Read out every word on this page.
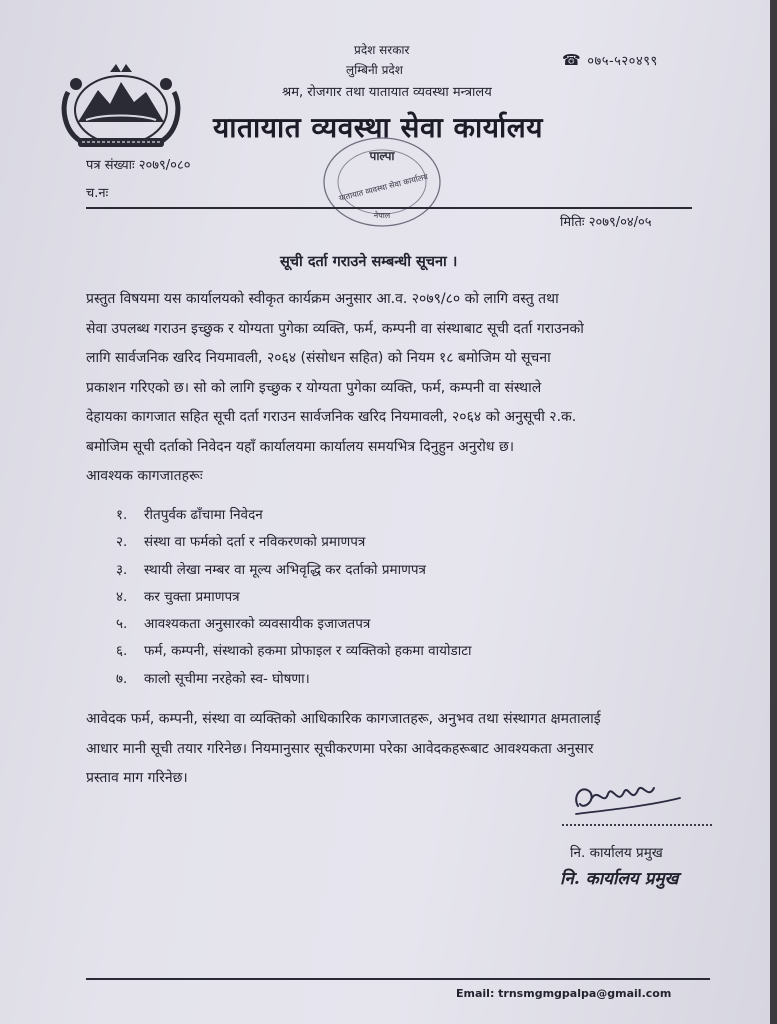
प्रदेश सरकार
लुम्बिनी प्रदेश
श्रम, रोजगार तथा यातायात व्यवस्था मन्त्रालय
यातायात व्यवस्था सेवा कार्यालय
☎ ०७५-५२०४९९
पत्र संख्याः २०७९/०८०
च.नः
पाल्पा
यातायात व्यवस्था सेवा कार्यालय
नेपाल	मितिः २०७९/०४/०५
सूची दर्ता गराउने सम्बन्धी सूचना ।
प्रस्तुत विषयमा यस कार्यालयको स्वीकृत कार्यक्रम अनुसार आ.व. २०७९/८० को लागि वस्तु तथा
सेवा उपलब्ध गराउन इच्छुक र योग्यता पुगेका व्यक्ति, फर्म, कम्पनी वा संस्थाबाट सूची दर्ता गराउनको
लागि सार्वजनिक खरिद नियमावली, २०६४ (संसोधन सहित) को नियम १८ बमोजिम यो सूचना
प्रकाशन गरिएको छ। सो को लागि इच्छुक र योग्यता पुगेका व्यक्ति, फर्म, कम्पनी वा संस्थाले
देहायका कागजात सहित सूची दर्ता गराउन सार्वजनिक खरिद नियमावली, २०६४ को अनुसूची २.क.
बमोजिम सूची दर्ताको निवेदन यहाँ कार्यालयमा कार्यालय समयभित्र दिनुहुन अनुरोध छ।
आवश्यक कागजातहरूः
१.	रीतपुर्वक ढाँचामा निवेदन
२.	संस्था वा फर्मको दर्ता र नविकरणको प्रमाणपत्र
३.	स्थायी लेखा नम्बर वा मूल्य अभिवृद्धि कर दर्ताको प्रमाणपत्र
४.	कर चुक्ता प्रमाणपत्र
५.	आवश्यकता अनुसारको व्यवसायीक इजाजतपत्र
६.	फर्म, कम्पनी, संस्थाको हकमा प्रोफाइल र व्यक्तिको हकमा वायोडाटा
७.	कालो सूचीमा नरहेको स्व- घोषणा।
आवेदक फर्म, कम्पनी, संस्था वा व्यक्तिको आधिकारिक कागजातहरू, अनुभव तथा संस्थागत क्षमतालाई
आधार मानी सूची तयार गरिनेछ। नियमानुसार सूचीकरणमा परेका आवेदकहरूबाट आवश्यकता अनुसार
प्रस्ताव माग गरिनेछ।
नि. कार्यालय प्रमुख
नि. कार्यालय प्रमुख
Email: trnsmgmgpalpa@gmail.com
